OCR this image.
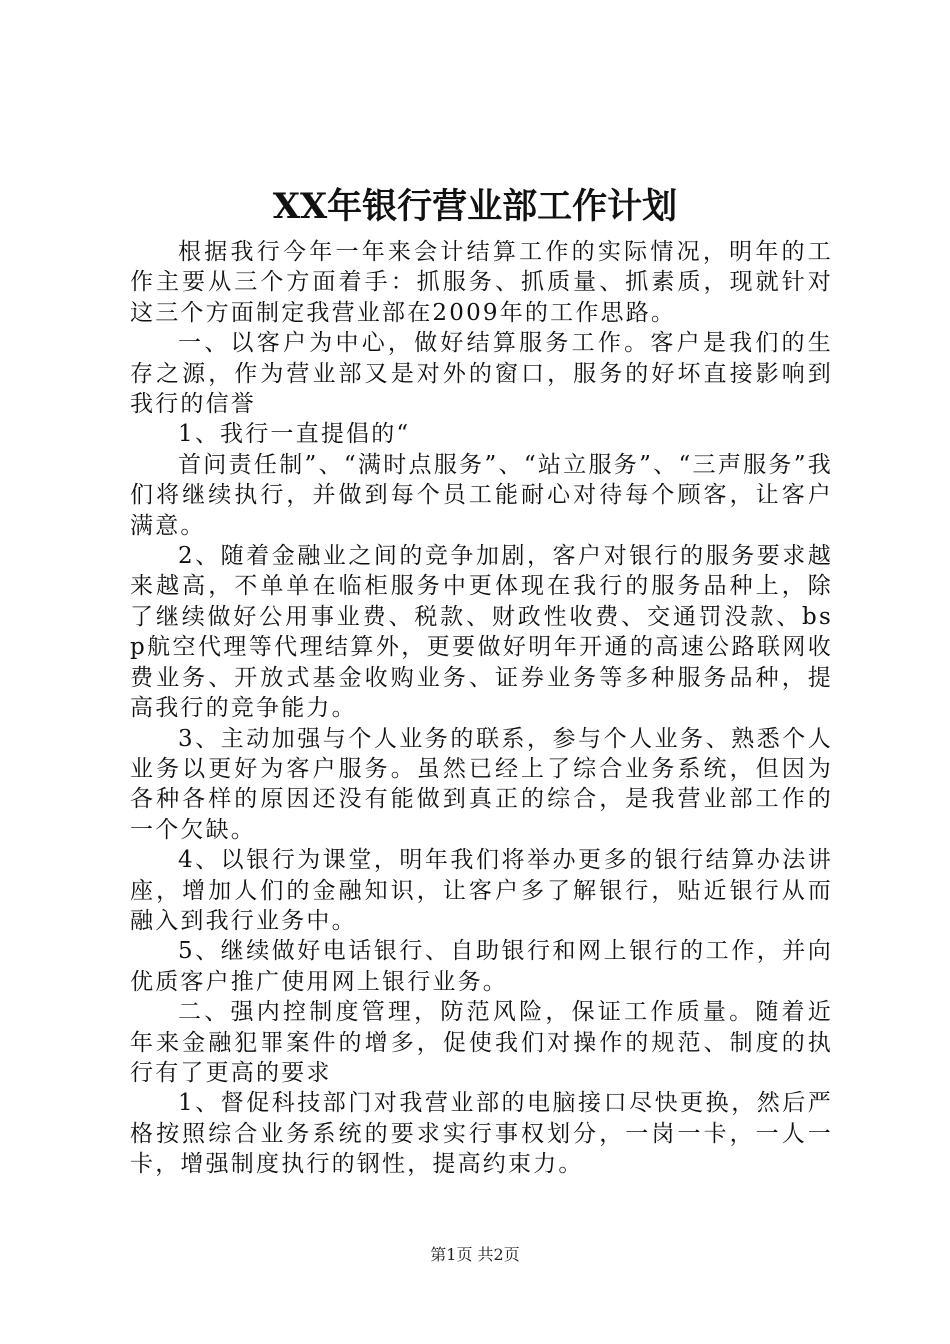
XX年银行营业部工作计划

根据我行今年一年来会计结算工作的实际情况，明年的工作主要从三个方面着手：抓服务、抓质量、抓素质，现就针对这三个方面制定我营业部在2009年的工作思路。

一、以客户为中心，做好结算服务工作。客户是我们的生存之源，作为营业部又是对外的窗口，服务的好坏直接影响到我行的信誉

1、我行一直提倡的“

首问责任制”、“满时点服务”、“站立服务”、“三声服务”我们将继续执行，并做到每个员工能耐心对待每个顾客，让客户满意。

2、随着金融业之间的竞争加剧，客户对银行的服务要求越来越高，不单单在临柜服务中更体现在我行的服务品种上，除了继续做好公用事业费、税款、财政性收费、交通罚没款、bsp航空代理等代理结算外，更要做好明年开通的高速公路联网收费业务、开放式基金收购业务、证券业务等多种服务品种，提高我行的竞争能力。

3、主动加强与个人业务的联系，参与个人业务、熟悉个人业务以更好为客户服务。虽然已经上了综合业务系统，但因为各种各样的原因还没有能做到真正的综合，是我营业部工作的一个欠缺。

4、以银行为课堂，明年我们将举办更多的银行结算办法讲座，增加人们的金融知识，让客户多了解银行，贴近银行从而融入到我行业务中。

5、继续做好电话银行、自助银行和网上银行的工作，并向优质客户推广使用网上银行业务。

二、强内控制度管理，防范风险，保证工作质量。随着近年来金融犯罪案件的增多，促使我们对操作的规范、制度的执行有了更高的要求

1、督促科技部门对我营业部的电脑接口尽快更换，然后严格按照综合业务系统的要求实行事权划分，一岗一卡，一人一卡，增强制度执行的钢性，提高约束力。

第1页 共2页
